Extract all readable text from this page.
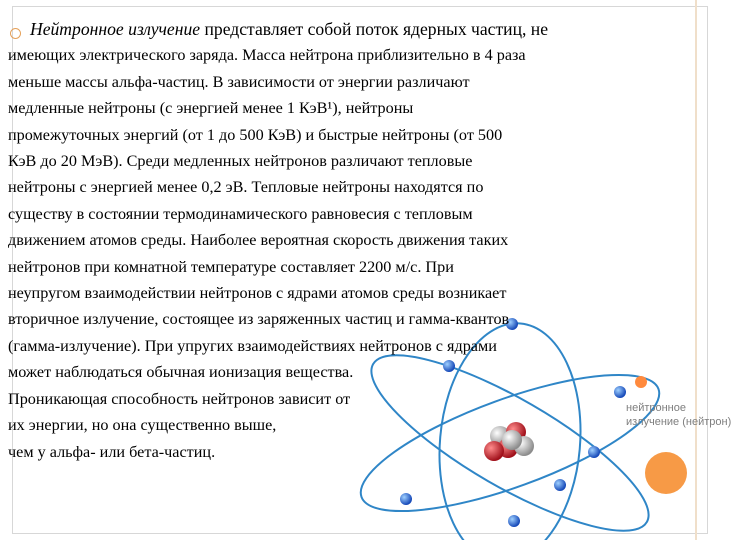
нейтронное
излучение (нейтрон)
Нейтронное излучение представляет собой поток ядерных частиц, не
имеющих электрического заряда. Масса нейтрона приблизительно в 4 раза
меньше массы альфа-частиц. В зависимости от энергии различают
медленные нейтроны (с энергией менее 1 КэВ¹), нейтроны
промежуточных энергий (от 1 до 500 КэВ) и быстрые нейтроны (от 500
КэВ до 20 МэВ). Среди медленных нейтронов различают тепловые
нейтроны с энергией менее 0,2 эВ. Тепловые нейтроны находятся по
существу в состоянии термодинамического равновесия с тепловым
движением атомов среды. Наиболее вероятная скорость движения таких
нейтронов при комнатной температуре составляет 2200 м/с. При
неупругом взаимодействии нейтронов с ядрами атомов среды возникает
вторичное излучение, состоящее из заряженных частиц и гамма-квантов
(гамма-излучение). При упругих взаимодействиях нейтронов с ядрами
может наблюдаться обычная ионизация вещества.
Проникающая способность нейтронов зависит от
их энергии, но она существенно выше,
чем у альфа- или бета-частиц.
